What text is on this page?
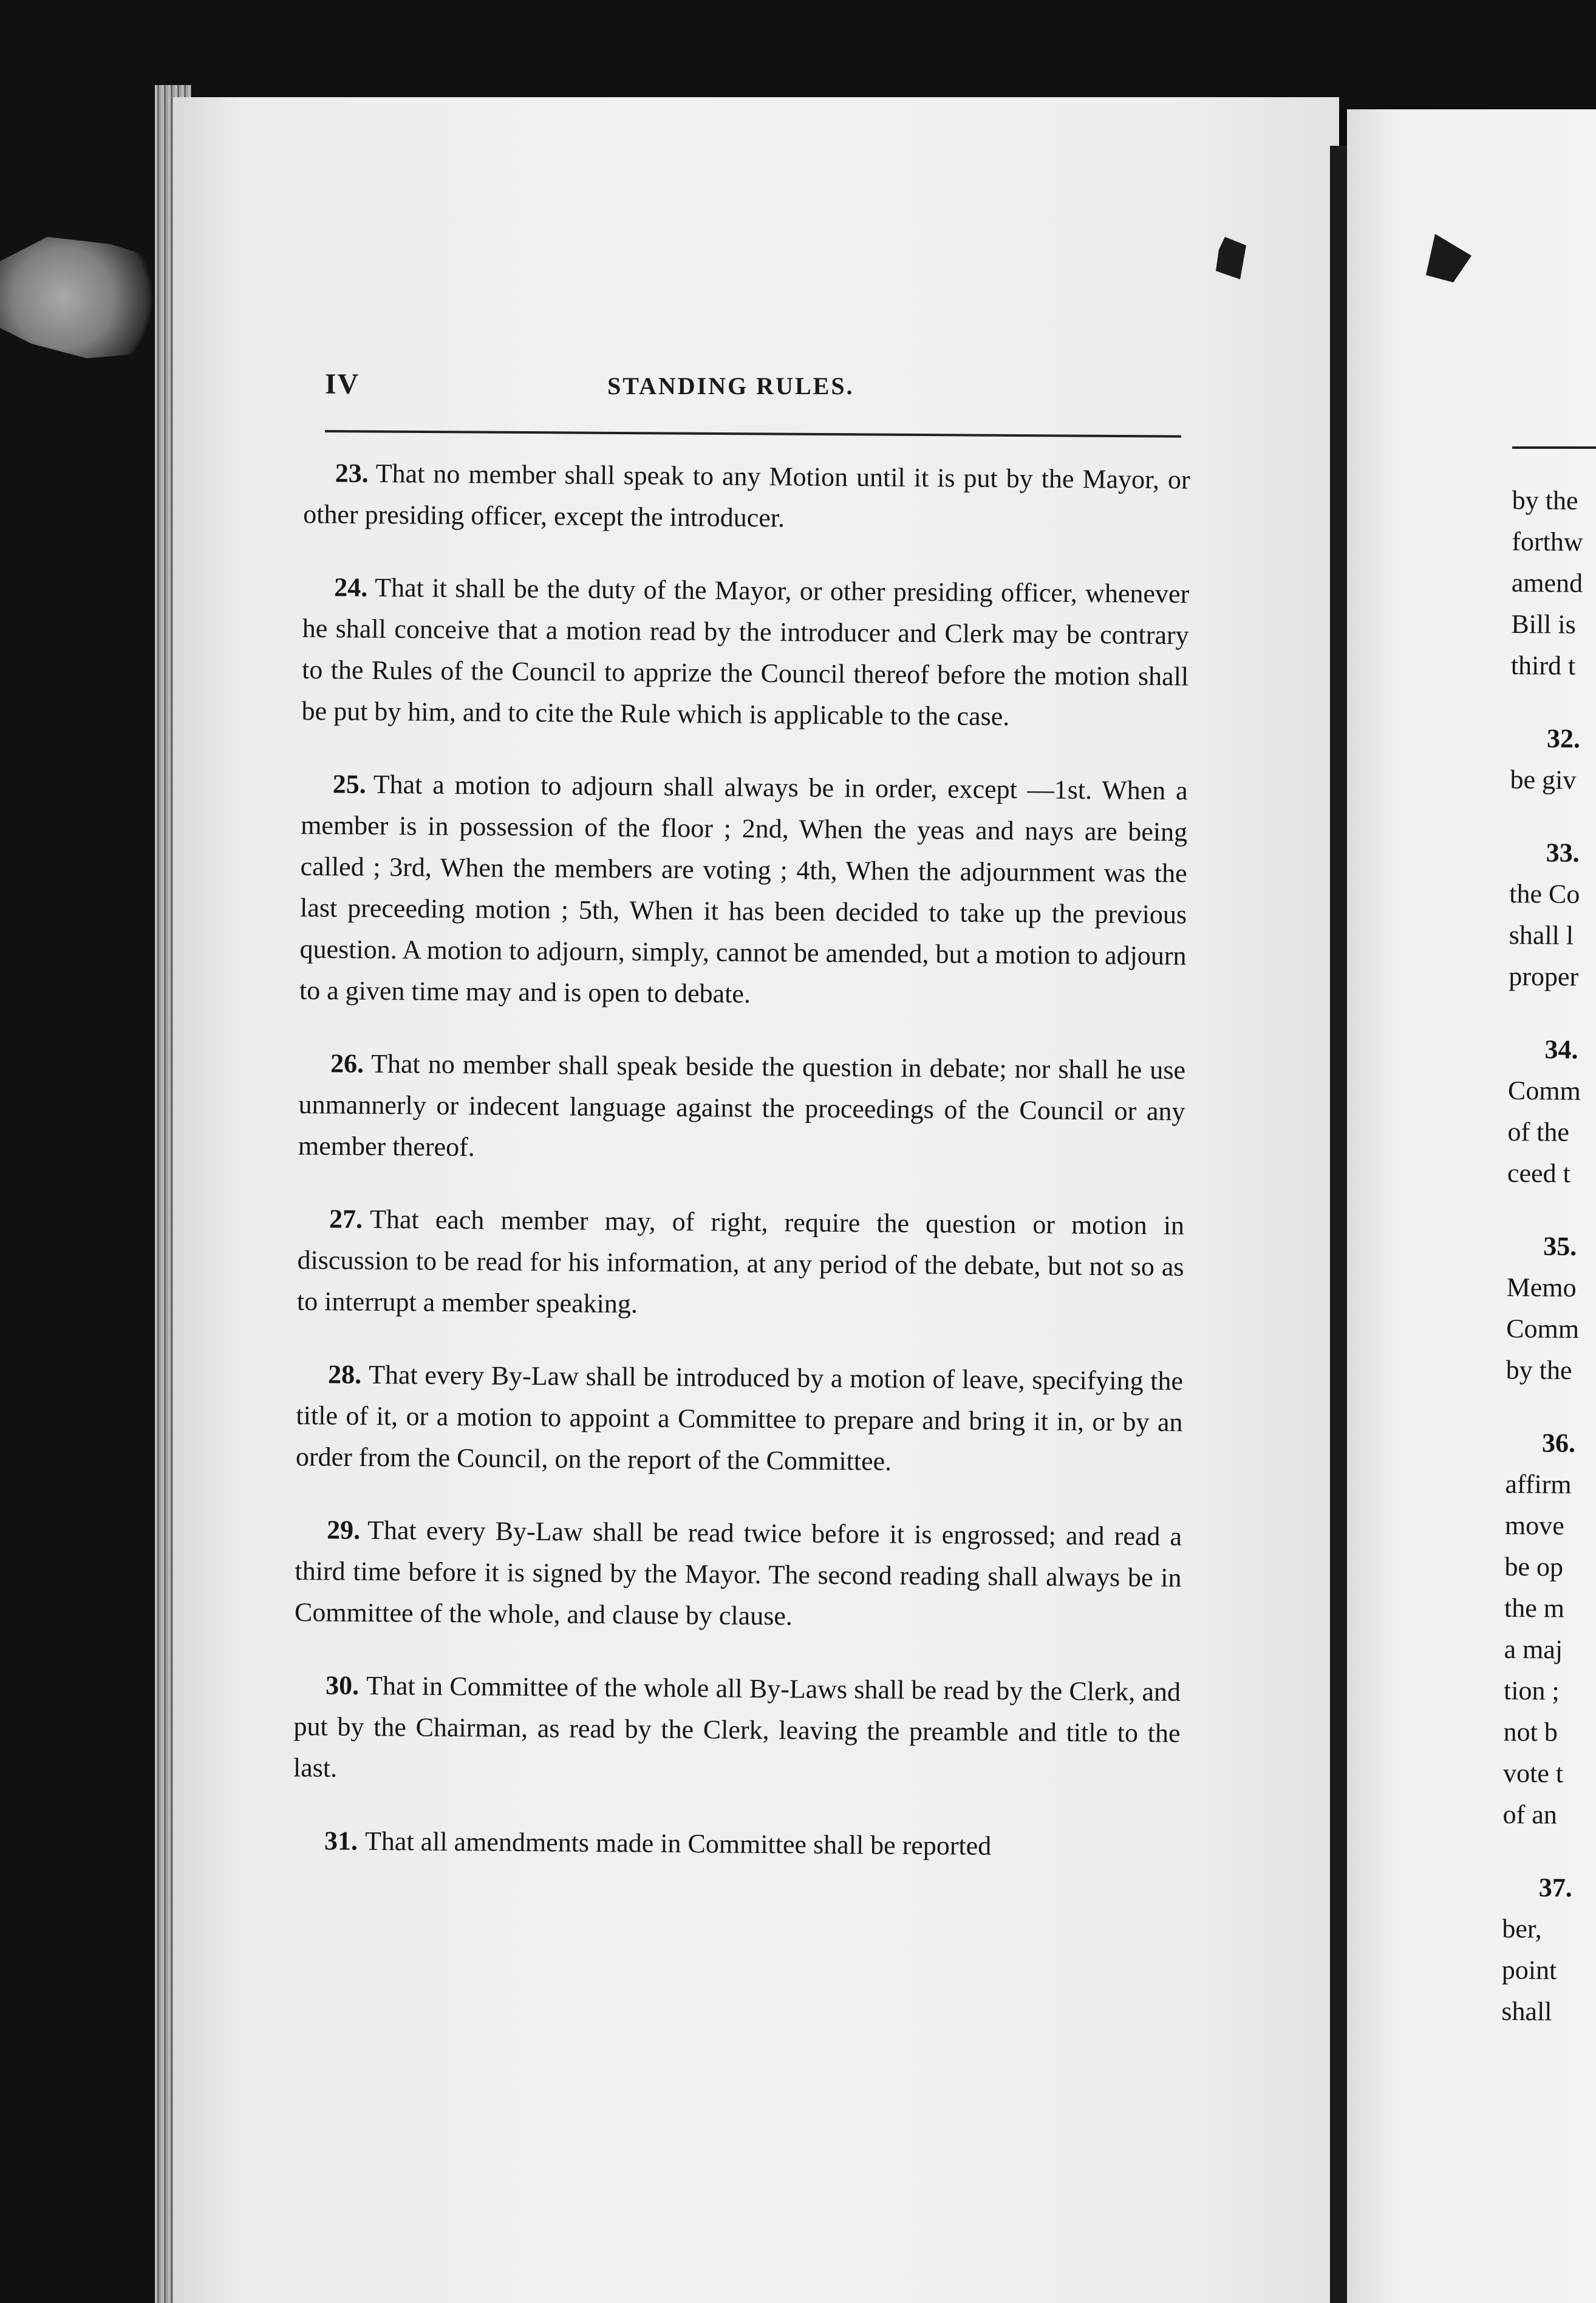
IV	STANDING RULES.

23. That no member shall speak to any Motion until it is put by the Mayor, or other presiding officer, except the introducer.

24. That it shall be the duty of the Mayor, or other presiding officer, whenever he shall conceive that a motion read by the introducer and Clerk may be contrary to the Rules of the Council to apprize the Council thereof before the motion shall be put by him, and to cite the Rule which is applicable to the case.

25. That a motion to adjourn shall always be in order, except —1st. When a member is in possession of the floor ; 2nd, When the yeas and nays are being called ; 3rd, When the members are voting ; 4th, When the adjournment was the last preceeding motion ; 5th, When it has been decided to take up the previous question. A motion to adjourn, simply, cannot be amended, but a motion to adjourn to a given time may and is open to debate.

26. That no member shall speak beside the question in debate; nor shall he use unmannerly or indecent language against the proceedings of the Council or any member thereof.

27. That each member may, of right, require the question or motion in discussion to be read for his information, at any period of the debate, but not so as to interrupt a member speaking.

28. That every By-Law shall be introduced by a motion of leave, specifying the title of it, or a motion to appoint a Committee to prepare and bring it in, or by an order from the Council, on the report of the Committee.

29. That every By-Law shall be read twice before it is engrossed; and read a third time before it is signed by the Mayor. The second reading shall always be in Committee of the whole, and clause by clause.

30. That in Committee of the whole all By-Laws shall be read by the Clerk, and put by the Chairman, as read by the Clerk, leaving the preamble and title to the last.

31. That all amendments made in Committee shall be reported

by the
forthw
amend
Bill is
third t
32.
be giv
33.
the Co
shall l
proper
34.
Comm
of the
ceed t
35.
Memo
Comm
by the
36.
affirm
move
be op
the m
a maj
tion ;
not b
vote t
of an
37.
ber,
point
shall
